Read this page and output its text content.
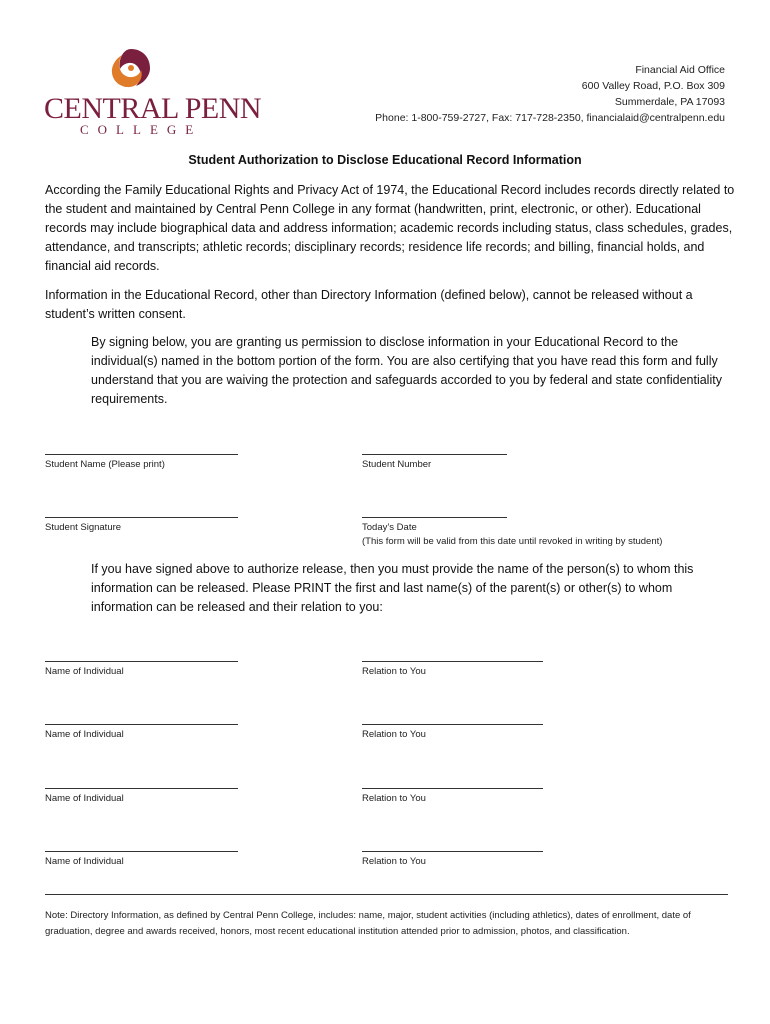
CENTRAL PENN
COLLEGE
Financial Aid Office
600 Valley Road, P.O. Box 309
Summerdale, PA 17093
Phone: 1-800-759-2727, Fax: 717-728-2350, financialaid@centralpenn.edu
Student Authorization to Disclose Educational Record Information
According the Family Educational Rights and Privacy Act of 1974, the Educational Record includes records directly related to the student and maintained by Central Penn College in any format (handwritten, print, electronic, or other). Educational records may include biographical data and address information; academic records including status, class schedules, grades, attendance, and transcripts; athletic records; disciplinary records; residence life records; and billing, financial holds, and financial aid records.
Information in the Educational Record, other than Directory Information (defined below), cannot be released without a student’s written consent.
By signing below, you are granting us permission to disclose information in your Educational Record to the individual(s) named in the bottom portion of the form. You are also certifying that you have read this form and fully understand that you are waiving the protection and safeguards accorded to you by federal and state confidentiality requirements.
Student Name (Please print)	Student Number
Student Signature	Today’s Date
(This form will be valid from this date until revoked in writing by student)
If you have signed above to authorize release, then you must provide the name of the person(s) to whom this information can be released. Please PRINT the first and last name(s) of the parent(s) or other(s) to whom information can be released and their relation to you:
Name of Individual	Relation to You
Name of Individual	Relation to You
Name of Individual	Relation to You
Name of Individual	Relation to You
Note: Directory Information, as defined by Central Penn College, includes: name, major, student activities (including athletics), dates of enrollment, date of graduation, degree and awards received, honors, most recent educational institution attended prior to admission, photos, and classification.
